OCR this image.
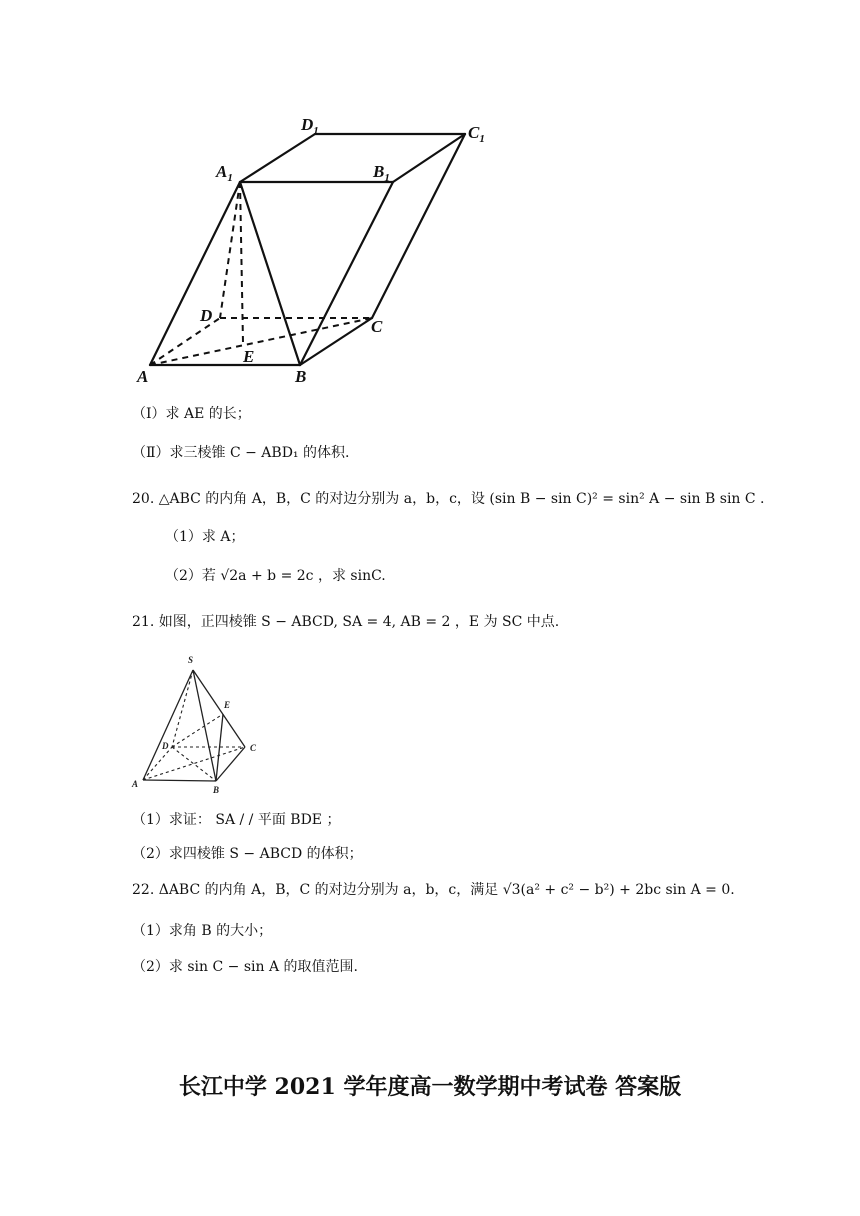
$D_1$	$C_1$
$A_1$	$B_1$
D
C
E
A	B
（Ⅰ）求 AE 的长；
（Ⅱ）求三棱锥 C − ABD₁ 的体积.
20. △ABC 的内角 A，B，C 的对边分别为 a，b，c，设 (sin B − sin C)² = sin² A − sin B sin C .
（1）求 A；
（2）若 √2a + b = 2c ，求 sinC.
21. 如图，正四棱锥 S − ABCD, SA = 4, AB = 2 ，E 为 SC 中点.
S
E
D	C
A
B
（1）求证： SA / / 平面 BDE ；
（2）求四棱锥 S − ABCD 的体积；
22. ΔABC 的内角 A，B，C 的对边分别为 a，b，c，满足 √3(a² + c² − b²) + 2bc sin A = 0.
（1）求角 B 的大小；
（2）求 sin C − sin A 的取值范围.
长江中学 2021 学年度高一数学期中考试卷 答案版
